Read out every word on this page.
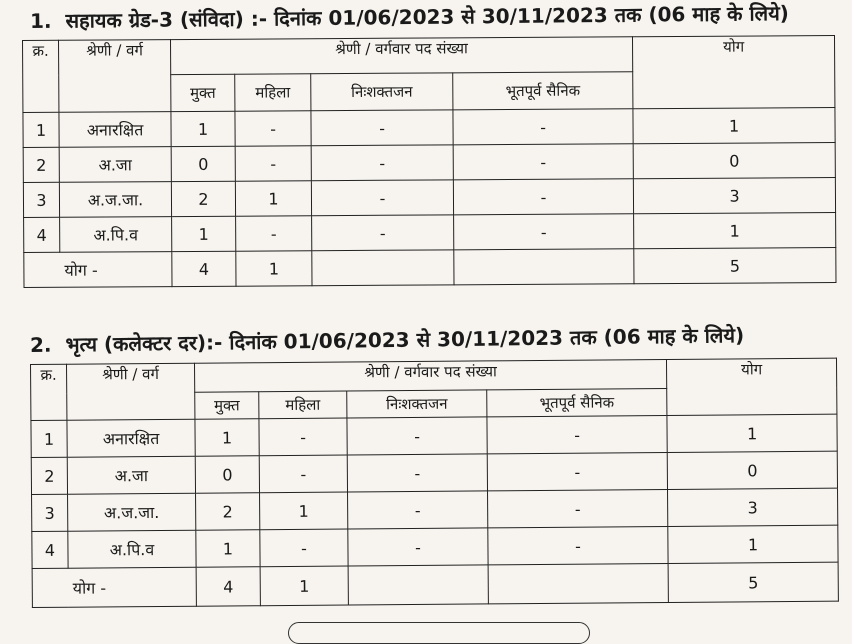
1. सहायक ग्रेड-3 (संविदा) :- दिनांक 01/06/2023 से 30/11/2023 तक (06 माह के लिये)
क्र.	श्रेणी / वर्ग	श्रेणी / वर्गवार पद संख्या				योग
		मुक्त	महिला	निःशक्तजन	भूतपूर्व सैनिक	
1	अनारक्षित	1	-	-	-	1
2	अ.जा	0	-	-	-	0
3	अ.ज.जा.	2	1	-	-	3
4	अ.पि.व	1	-	-	-	1
योग -		4	1			5
2. भृत्य (कलेक्टर दर):- दिनांक 01/06/2023 से 30/11/2023 तक (06 माह के लिये)
क्र.	श्रेणी / वर्ग	श्रेणी / वर्गवार पद संख्या				योग
		मुक्त	महिला	निःशक्तजन	भूतपूर्व सैनिक	
1	अनारक्षित	1	-	-	-	1
2	अ.जा	0	-	-	-	0
3	अ.ज.जा.	2	1	-	-	3
4	अ.पि.व	1	-	-	-	1
योग -		4	1			5
